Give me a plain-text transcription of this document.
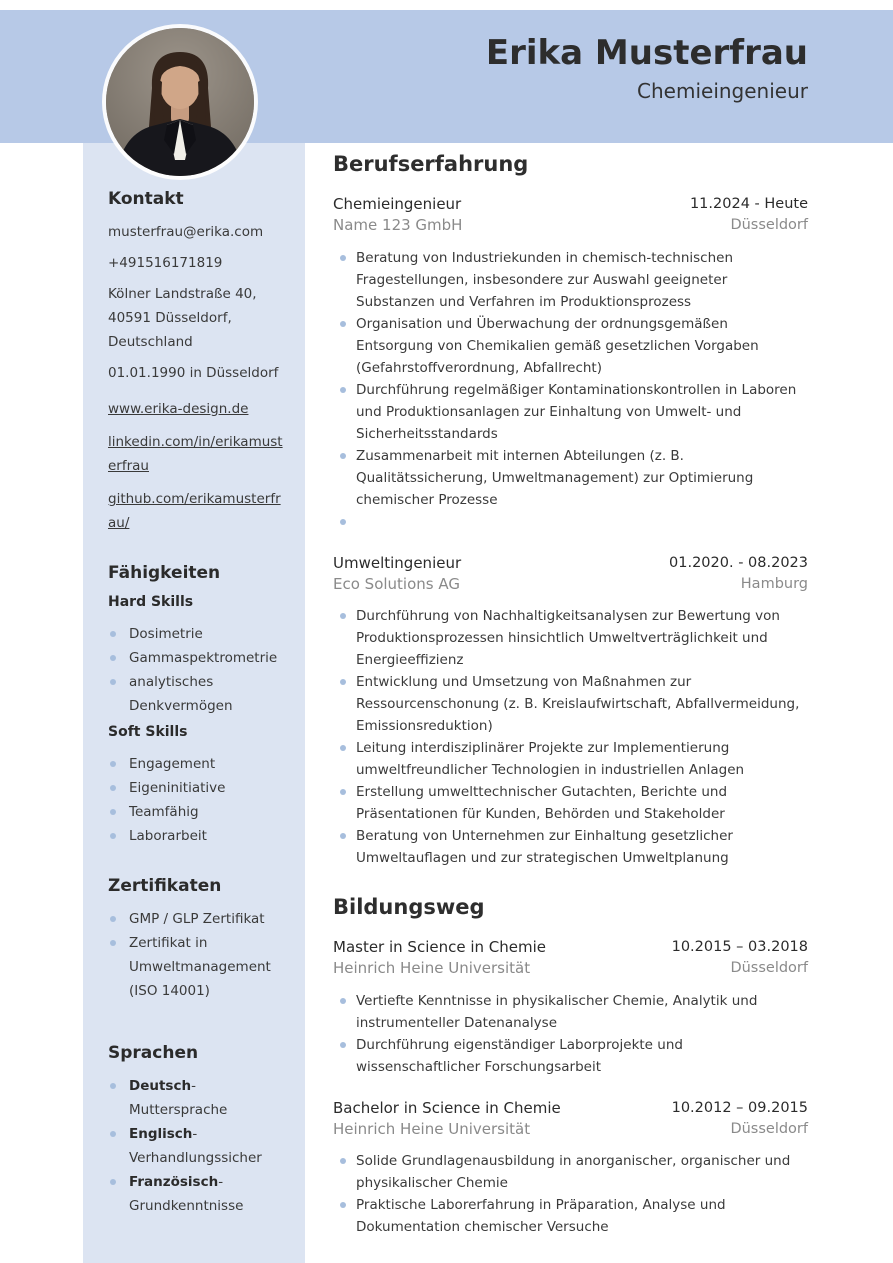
Erika Musterfrau
Chemieingenieur
Kontakt
musterfrau@erika.com
+491516171819
Kölner Landstraße 40,
40591 Düsseldorf,
Deutschland
01.01.1990 in Düsseldorf
www.erika-design.de
linkedin.com/in/erikamusterfrau
github.com/erikamusterfrau/
Fähigkeiten
Hard Skills
Dosimetrie
Gammaspektrometrie
analytisches Denkvermögen
Soft Skills
Engagement
Eigeninitiative
Teamfähig
Laborarbeit
Zertifikaten
GMP / GLP Zertifikat
Zertifikat in Umweltmanagement (ISO 14001)
Sprachen
Deutsch-
Muttersprache
Englisch-
Verhandlungssicher
Französisch-
Grundkenntnisse
Berufserfahrung
Chemieingenieur
Name 123 GmbH
11.2024 - Heute
Düsseldorf
Beratung von Industriekunden in chemisch-technischen Fragestellungen, insbesondere zur Auswahl geeigneter Substanzen und Verfahren im Produktionsprozess
Organisation und Überwachung der ordnungsgemäßen Entsorgung von Chemikalien gemäß gesetzlichen Vorgaben (Gefahrstoffverordnung, Abfallrecht)
Durchführung regelmäßiger Kontaminationskontrollen in Laboren und Produktionsanlagen zur Einhaltung von Umwelt- und Sicherheitsstandards
Zusammenarbeit mit internen Abteilungen (z. B. Qualitätssicherung, Umweltmanagement) zur Optimierung chemischer Prozesse
Umweltingenieur
Eco Solutions AG
01.2020. - 08.2023
Hamburg
Durchführung von Nachhaltigkeitsanalysen zur Bewertung von Produktionsprozessen hinsichtlich Umweltverträglichkeit und Energieeffizienz
Entwicklung und Umsetzung von Maßnahmen zur Ressourcenschonung (z. B. Kreislaufwirtschaft, Abfallvermeidung, Emissionsreduktion)
Leitung interdisziplinärer Projekte zur Implementierung umweltfreundlicher Technologien in industriellen Anlagen
Erstellung umwelttechnischer Gutachten, Berichte und Präsentationen für Kunden, Behörden und Stakeholder
Beratung von Unternehmen zur Einhaltung gesetzlicher Umweltauflagen und zur strategischen Umweltplanung
Bildungsweg
Master in Science in Chemie
Heinrich Heine Universität
10.2015 – 03.2018
Düsseldorf
Vertiefte Kenntnisse in physikalischer Chemie, Analytik und instrumenteller Datenanalyse
Durchführung eigenständiger Laborprojekte und wissenschaftlicher Forschungsarbeit
Bachelor in Science in Chemie
Heinrich Heine Universität
10.2012 – 09.2015
Düsseldorf
Solide Grundlagenausbildung in anorganischer, organischer und physikalischer Chemie
Praktische Laborerfahrung in Präparation, Analyse und Dokumentation chemischer Versuche
